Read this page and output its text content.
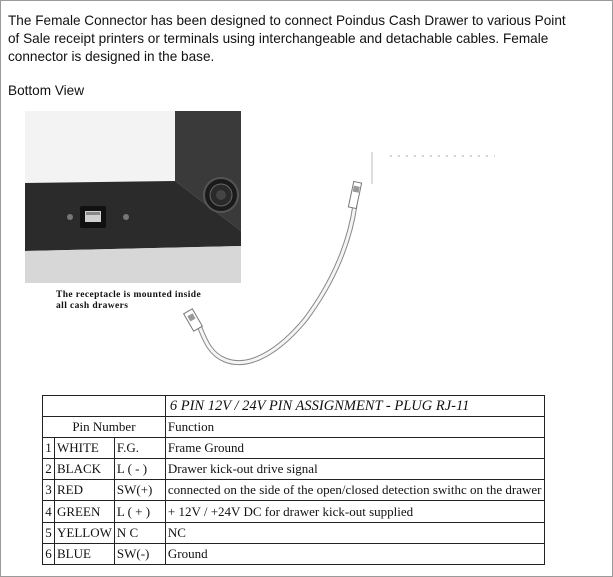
The Female Connector has been designed to connect Poindus Cash Drawer to various Point of Sale receipt printers or terminals using interchangeable and detachable cables. Female connector is designed in the base.
Bottom View
The receptacle is mounted inside
all cash drawers
			6 PIN 12V / 24V PIN ASSIGNMENT - PLUG RJ-11
Pin Number			Function
1	WHITE	F.G.	Frame Ground
2	BLACK	L ( - )	Drawer kick-out drive signal
3	RED	SW(+)	connected on the side of the open/closed detection swithc on the drawer
4	GREEN	L ( + )	+ 12V / +24V DC for drawer kick-out supplied
5	YELLOW	N C	NC
6	BLUE	SW(-)	Ground
